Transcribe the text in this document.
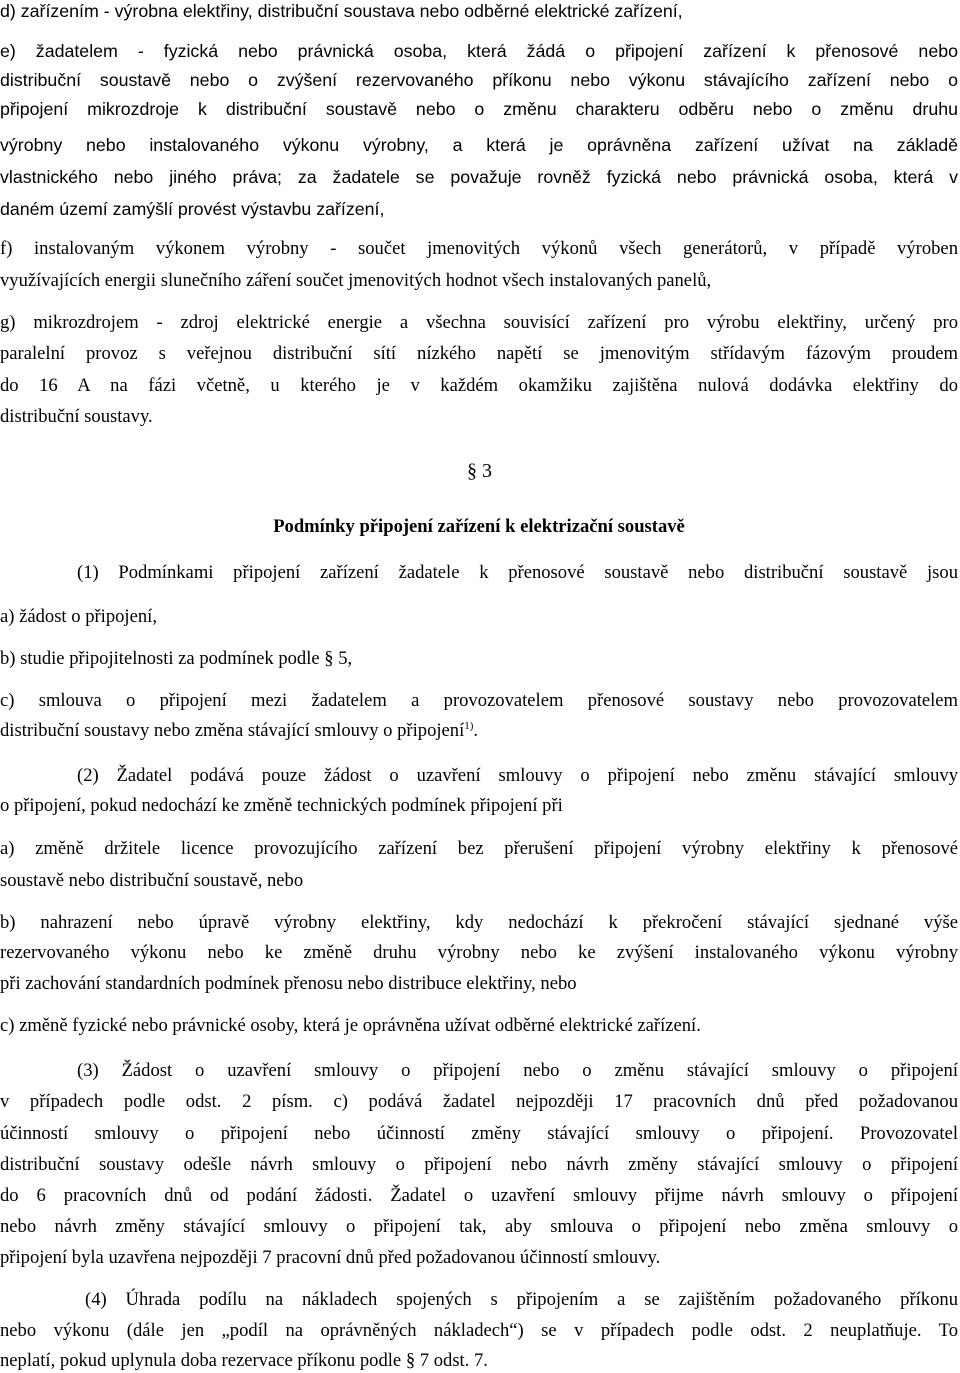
d) zařízením - výrobna elektřiny, distribuční soustava nebo odběrné elektrické zařízení,

e) žadatelem - fyzická nebo právnická osoba, která žádá o připojení zařízení k přenosové nebo

distribuční soustavě nebo o zvýšení rezervovaného příkonu nebo výkonu stávajícího zařízení nebo o

připojení mikrozdroje k distribuční soustavě nebo o změnu charakteru odběru nebo o změnu druhu

výrobny nebo instalovaného výkonu výrobny, a která je oprávněna zařízení užívat na základě

vlastnického nebo jiného práva; za žadatele se považuje rovněž fyzická nebo právnická osoba, která v

daném území zamýšlí provést výstavbu zařízení,

f) instalovaným výkonem výrobny - součet jmenovitých výkonů všech generátorů, v případě výroben

využívajících energii slunečního záření součet jmenovitých hodnot všech instalovaných panelů,

g) mikrozdrojem - zdroj elektrické energie a všechna souvisící zařízení pro výrobu elektřiny, určený pro

paralelní provoz s veřejnou distribuční sítí nízkého napětí se jmenovitým střídavým fázovým proudem

do 16 A na fázi včetně, u kterého je v každém okamžiku zajištěna nulová dodávka elektřiny do

distribuční soustavy.

§ 3

Podmínky připojení zařízení k elektrizační soustavě

(1) Podmínkami připojení zařízení žadatele k přenosové soustavě nebo distribuční soustavě jsou

a) žádost o připojení,

b) studie připojitelnosti za podmínek podle § 5,

c) smlouva o připojení mezi žadatelem a provozovatelem přenosové soustavy nebo provozovatelem

distribuční soustavy nebo změna stávající smlouvy o připojení$^{1)}$.

(2) Žadatel podává pouze žádost o uzavření smlouvy o připojení nebo změnu stávající smlouvy

o připojení, pokud nedochází ke změně technických podmínek připojení při

a) změně držitele licence provozujícího zařízení bez přerušení připojení výrobny elektřiny k přenosové

soustavě nebo distribuční soustavě, nebo

b) nahrazení nebo úpravě výrobny elektřiny, kdy nedochází k překročení stávající sjednané výše

rezervovaného výkonu nebo ke změně druhu výrobny nebo ke zvýšení instalovaného výkonu výrobny

při zachování standardních podmínek přenosu nebo distribuce elektřiny, nebo

c) změně fyzické nebo právnické osoby, která je oprávněna užívat odběrné elektrické zařízení.

(3) Žádost o uzavření smlouvy o připojení nebo o změnu stávající smlouvy o připojení

v případech podle odst. 2 písm. c) podává žadatel nejpozději 17 pracovních dnů před požadovanou

účinností smlouvy o připojení nebo účinností změny stávající smlouvy o připojení. Provozovatel

distribuční soustavy odešle návrh smlouvy o připojení nebo návrh změny stávající smlouvy o připojení

do 6 pracovních dnů od podání žádosti. Žadatel o uzavření smlouvy přijme návrh smlouvy o připojení

nebo návrh změny stávající smlouvy o připojení tak, aby smlouva o připojení nebo změna smlouvy o

připojení byla uzavřena nejpozději 7 pracovní dnů před požadovanou účinností smlouvy.

(4) Úhrada podílu na nákladech spojených s připojením a se zajištěním požadovaného příkonu

nebo výkonu (dále jen „podíl na oprávněných nákladech“) se v případech podle odst. 2 neuplatňuje. To

neplatí, pokud uplynula doba rezervace příkonu podle § 7 odst. 7.
